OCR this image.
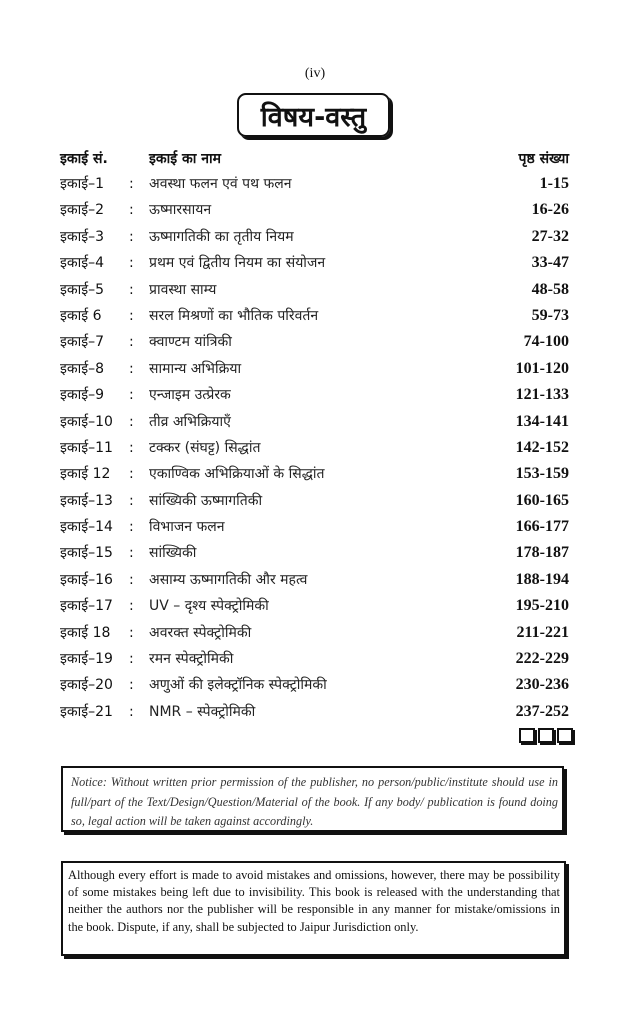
(iv)
विषय-वस्तु
इकाई सं.	इकाई का नाम	पृष्ठ संख्या
इकाई–1 : अवस्था फलन एवं पथ फलन	1-15
इकाई–2 : ऊष्मारसायन	16-26
इकाई–3 : ऊष्मागतिकी का तृतीय नियम	27-32
इकाई–4 : प्रथम एवं द्वितीय नियम का संयोजन	33-47
इकाई–5 : प्रावस्था साम्य	48-58
इकाई 6 : सरल मिश्रणों का भौतिक परिवर्तन	59-73
इकाई–7 : क्वाण्टम यांत्रिकी	74-100
इकाई–8 : सामान्य अभिक्रिया	101-120
इकाई–9 : एन्जाइम उत्प्रेरक	121-133
इकाई–10 : तीव्र अभिक्रियाएँ	134-141
इकाई–11 : टक्कर (संघट्ट) सिद्धांत	142-152
इकाई 12 : एकाण्विक अभिक्रियाओं के सिद्धांत	153-159
इकाई–13 : सांख्यिकी ऊष्मागतिकी	160-165
इकाई–14 : विभाजन फलन	166-177
इकाई–15 : सांख्यिकी	178-187
इकाई–16 : असाम्य ऊष्मागतिकी और महत्व	188-194
इकाई–17 : UV – दृश्य स्पेक्ट्रोमिकी	195-210
इकाई 18 : अवरक्त स्पेक्ट्रोमिकी	211-221
इकाई–19 : रमन स्पेक्ट्रोमिकी	222-229
इकाई–20 : अणुओं की इलेक्ट्रॉनिक स्पेक्ट्रोमिकी	230-236
इकाई–21 : NMR – स्पेक्ट्रोमिकी	237-252
Notice: Without written prior permission of the publisher, no person/public/institute should use in full/part of the Text/Design/Question/Material of the book. If any body/ publication is found doing so, legal action will be taken against accordingly.
Although every effort is made to avoid mistakes and omissions, however, there may be possibility of some mistakes being left due to invisibility. This book is released with the understanding that neither the authors nor the publisher will be responsible in any manner for mistake/omissions in the book. Dispute, if any, shall be subjected to Jaipur Jurisdiction only.
